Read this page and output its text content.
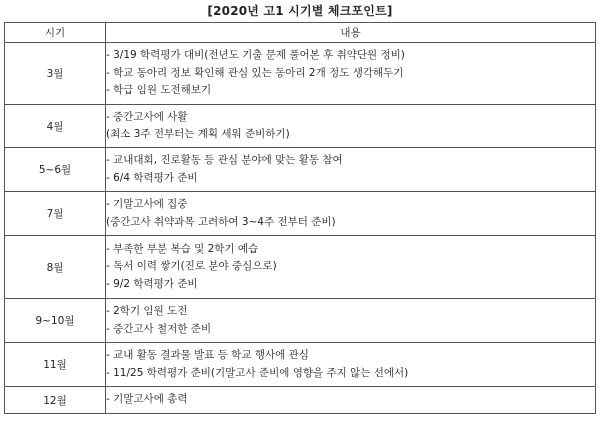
[2020년 고1 시기별 체크포인트]
시기	내용
3월	- 3/19 학력평가 대비(전년도 기출 문제 풀어본 후 취약단원 정비)
- 학교 동아리 정보 확인해 관심 있는 동아리 2개 정도 생각해두기
- 학급 임원 도전해보기

4월	- 중간고사에 사활
(최소 3주 전부터는 계획 세워 준비하기)

5~6월	- 교내대회, 진로활동 등 관심 분야에 맞는 활동 참여
- 6/4 학력평가 준비

7월	- 기말고사에 집중
(중간고사 취약과목 고려하여 3~4주 전부터 준비)

8월	- 부족한 부분 복습 및 2학기 예습
- 독서 이력 쌓기(진로 분야 중심으로)
- 9/2 학력평가 준비

9~10월	- 2학기 임원 도전
- 중간고사 철저한 준비

11월	- 교내 활동 결과물 발표 등 학교 행사에 관심
- 11/25 학력평가 준비(기말고사 준비에 영향을 주지 않는 선에서)

12월	- 기말고사에 총력
